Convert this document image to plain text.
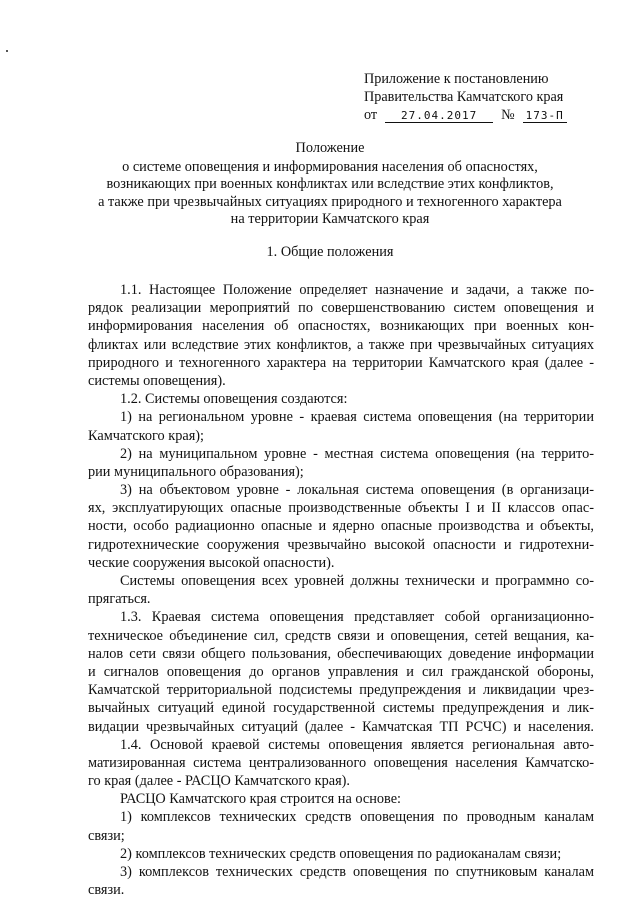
Приложение к постановлению
Правительства Камчатского края
от 27.04.2017 № 173-П
Положение
о системе оповещения и информирования населения об опасностях,
возникающих при военных конфликтах или вследствие этих конфликтов,
а также при чрезвычайных ситуациях природного и техногенного характера
на территории Камчатского края
1. Общие положения
1.1. Настоящее Положение определяет назначение и задачи, а также по-
рядок реализации мероприятий по совершенствованию систем оповещения и
информирования населения об опасностях, возникающих при военных кон-
фликтах или вследствие этих конфликтов, а также при чрезвычайных ситуациях
природного и техногенного характера на территории Камчатского края (далее -
системы оповещения).
1.2. Системы оповещения создаются:
1) на региональном уровне - краевая система оповещения (на территории
Камчатского края);
2) на муниципальном уровне - местная система оповещения (на террито-
рии муниципального образования);
3) на объектовом уровне - локальная система оповещения (в организаци-
ях, эксплуатирующих опасные производственные объекты I и II классов опас-
ности, особо радиационно опасные и ядерно опасные производства и объекты,
гидротехнические сооружения чрезвычайно высокой опасности и гидротехни-
ческие сооружения высокой опасности).
Системы оповещения всех уровней должны технически и программно со-
прягаться.
1.3. Краевая система оповещения представляет собой организационно-
техническое объединение сил, средств связи и оповещения, сетей вещания, ка-
налов сети связи общего пользования, обеспечивающих доведение информации
и сигналов оповещения до органов управления и сил гражданской обороны,
Камчатской территориальной подсистемы предупреждения и ликвидации чрез-
вычайных ситуаций единой государственной системы предупреждения и лик-
видации чрезвычайных ситуаций (далее - Камчатская ТП РСЧС) и населения.
1.4. Основой краевой системы оповещения является региональная авто-
матизированная система централизованного оповещения населения Камчатско-
го края (далее - РАСЦО Камчатского края).
РАСЦО Камчатского края строится на основе:
1) комплексов технических средств оповещения по проводным каналам
связи;
2) комплексов технических средств оповещения по радиоканалам связи;
3) комплексов технических средств оповещения по спутниковым каналам
связи.
